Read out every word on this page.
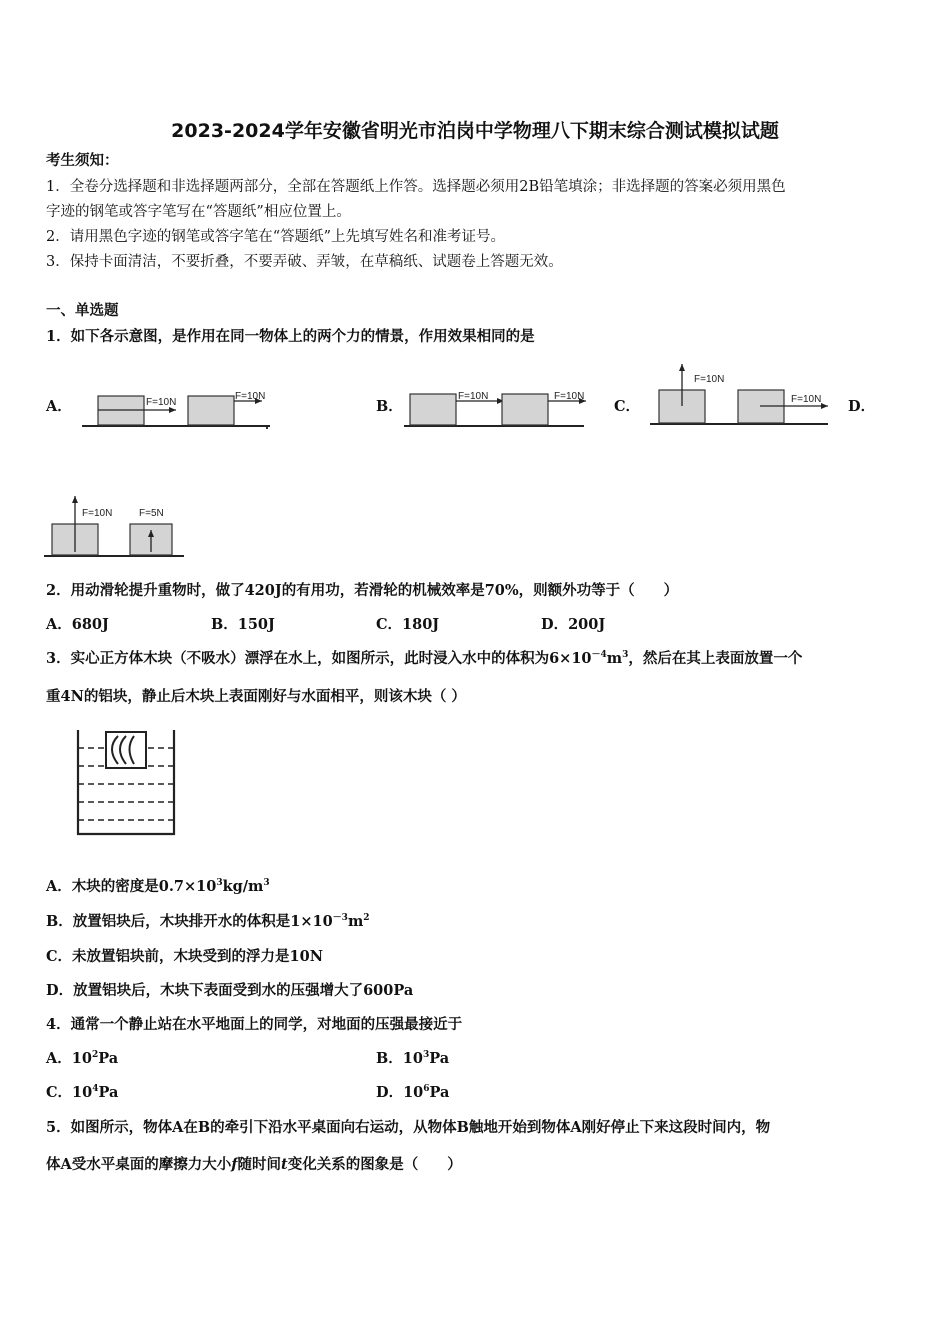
2023-2024学年安徽省明光市泊岗中学物理八下期末综合测试模拟试题
考生须知：
1．全卷分选择题和非选择题两部分，全部在答题纸上作答。选择题必须用2B铅笔填涂；非选择题的答案必须用黑色
字迹的钢笔或答字笔写在“答题纸”相应位置上。
2．请用黑色字迹的钢笔或答字笔在“答题纸”上先填写姓名和准考证号。
3．保持卡面清洁，不要折叠，不要弄破、弄皱，在草稿纸、试题卷上答题无效。
一、单选题
1．如下各示意图，是作用在同一物体上的两个力的情景，作用效果相同的是
A．	F=10N
F=10N
B．
F=10N	F=10N
C．
F=10N
F=10N D．
F=10N	F=5N
2．用动滑轮提升重物时，做了420J的有用功，若滑轮的机械效率是70%，则额外功等于（　　）
A．680J	B．150J	C．180J	D．200J
3．实心正方体木块（不吸水）漂浮在水上，如图所示，此时浸入水中的体积为$6\times 10^{-4}m^3$，然后在其上表面放置一个
重4N的铝块，静止后木块上表面刚好与水面相平，则该木块（ ）
A．木块的密度是$0.7\times 10^3kg/m^3$
B．放置铝块后，木块排开水的体积是$1\times 10^{-3}m^2$
C．未放置铝块前，木块受到的浮力是10N
D．放置铝块后，木块下表面受到水的压强增大了600Pa
4．通常一个静止站在水平地面上的同学，对地面的压强最接近于
A．$10^2Pa$	B．$10^3Pa$
C．$10^4Pa$	D．$10^6Pa$
5．如图所示，物体A在B的牵引下沿水平桌面向右运动，从物体B触地开始到物体A刚好停止下来这段时间内，物
体A受水平桌面的摩擦力大小f随时间t变化关系的图象是（　　）
